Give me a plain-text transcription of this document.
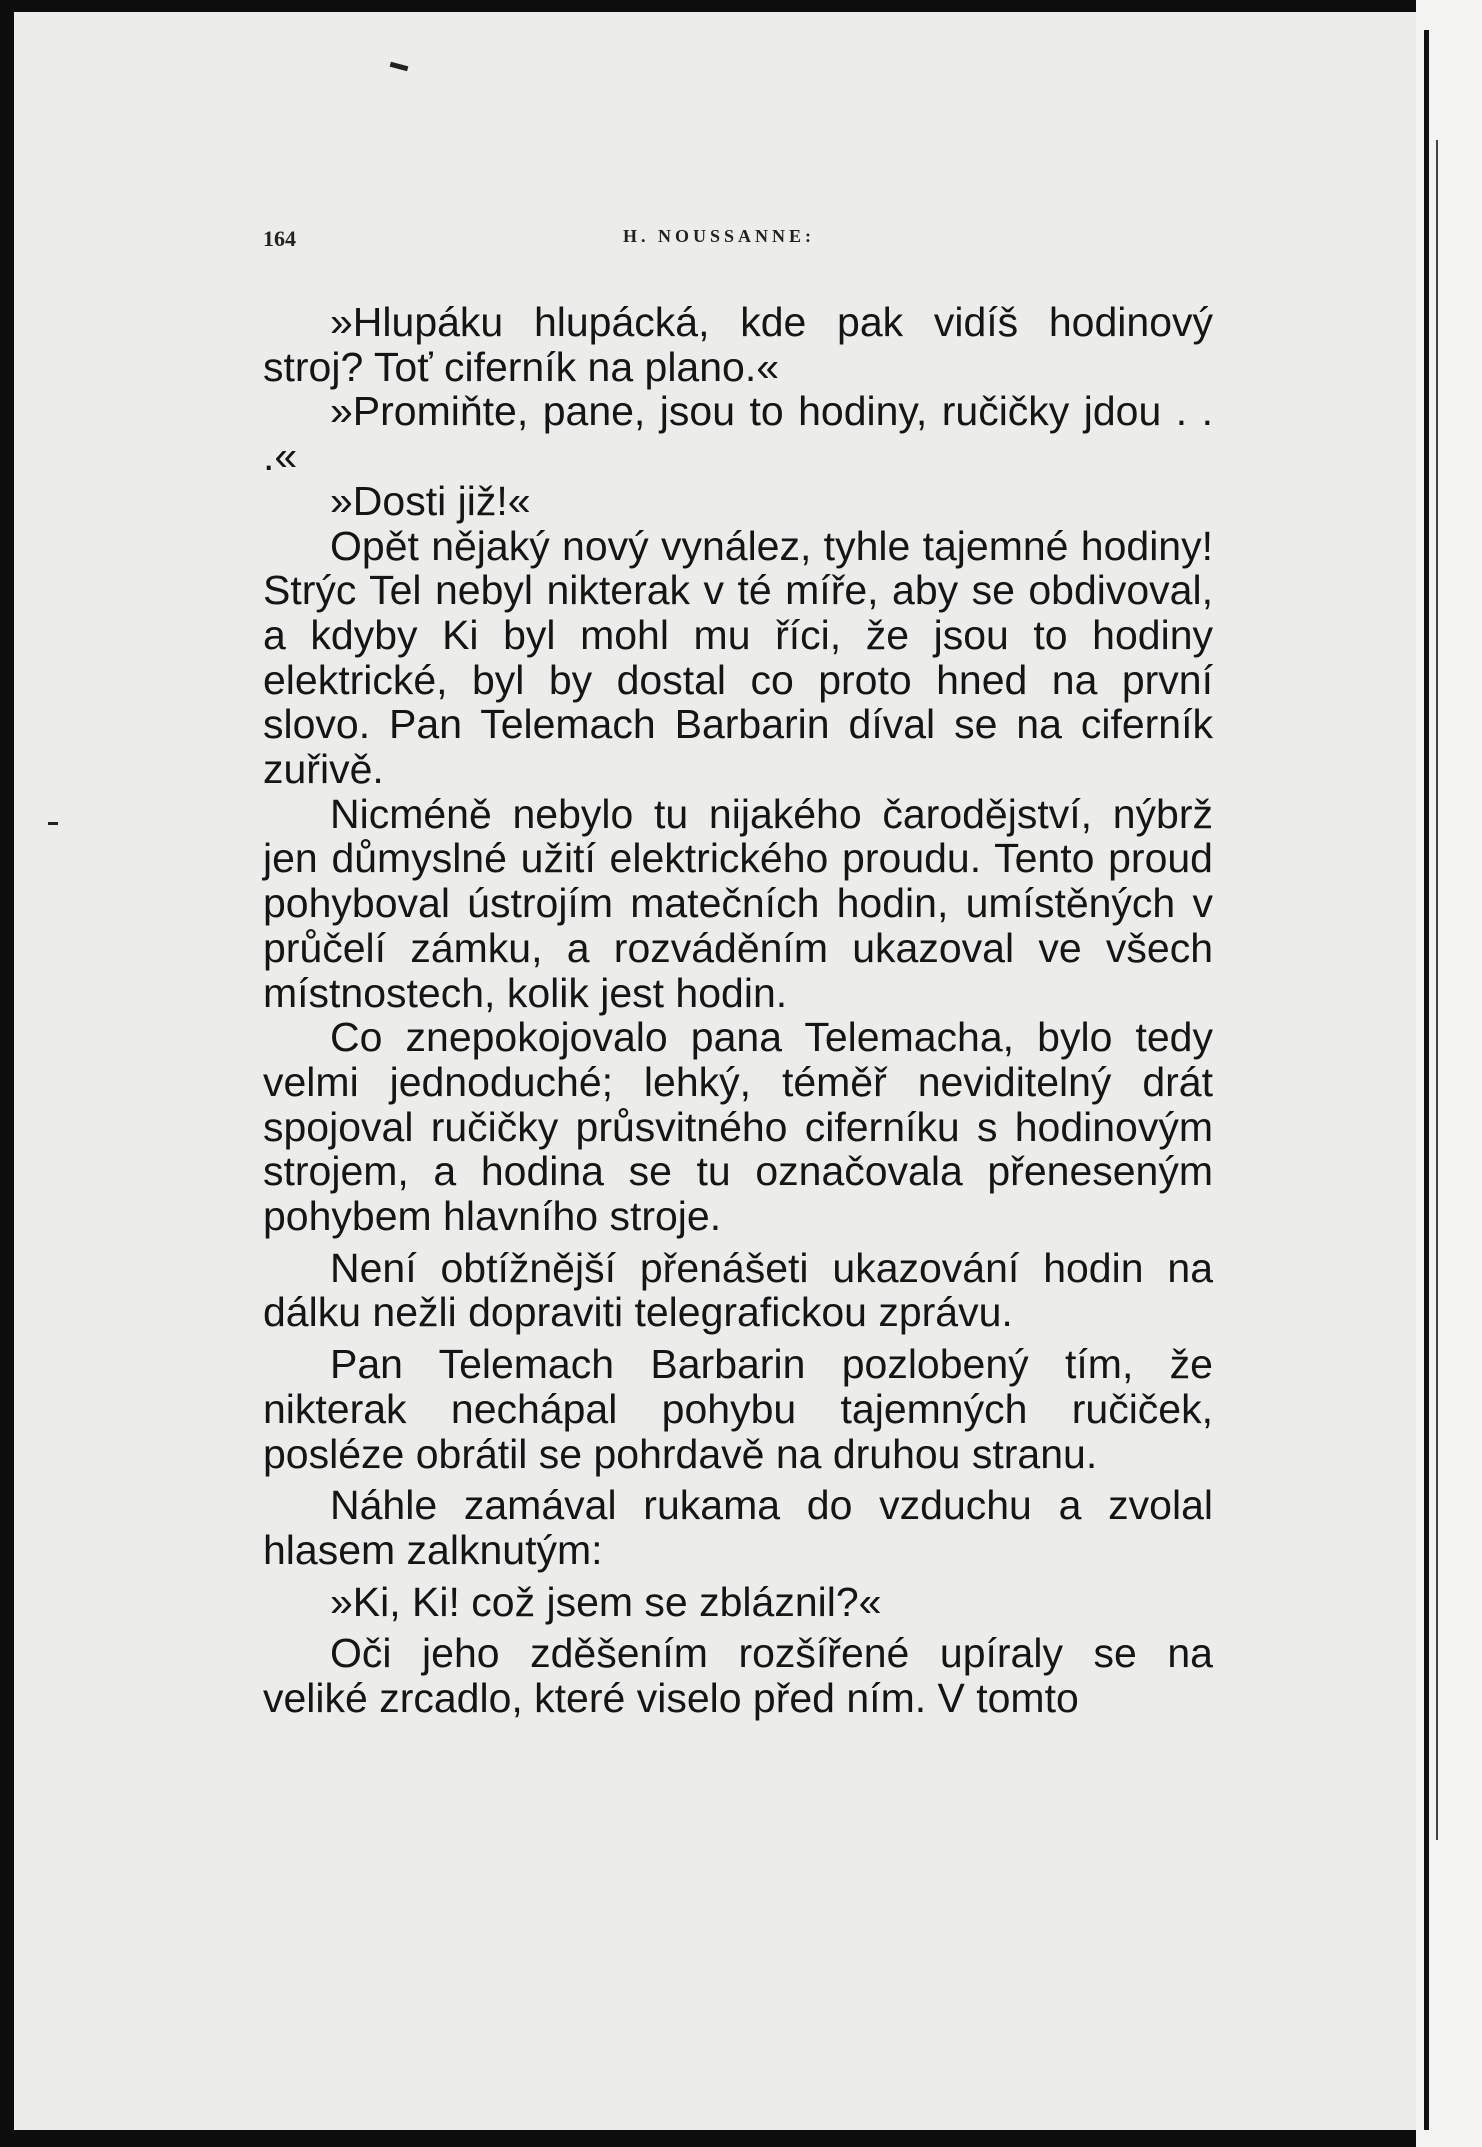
164	H. NOUSSANNE:

»Hlupáku hlupácká, kde pak vidíš hodinový stroj? Toť ciferník na plano.«

»Promiňte, pane, jsou to hodiny, ručičky jdou . . .«

»Dosti již!«

Opět nějaký nový vynález, tyhle tajemné hodiny! Strýc Tel nebyl nikterak v té míře, aby se obdivoval, a kdyby Ki byl mohl mu říci, že jsou to hodiny elektrické, byl by dostal co proto hned na první slovo. Pan Telemach Barbarin díval se na ciferník zuřivě.

Nicméně nebylo tu nijakého čarodějství, nýbrž jen důmyslné užití elektrického proudu. Tento proud pohyboval ústrojím matečních hodin, umístěných v průčelí zámku, a rozváděním ukazoval ve všech místnostech, kolik jest hodin.

Co znepokojovalo pana Telemacha, bylo tedy velmi jednoduché; lehký, téměř neviditelný drát spojoval ručičky průsvitného ciferníku s hodinovým strojem, a hodina se tu označovala přeneseným pohybem hlavního stroje.

Není obtížnější přenášeti ukazování hodin na dálku nežli dopraviti telegrafickou zprávu.

Pan Telemach Barbarin pozlobený tím, že nikterak nechápal pohybu tajemných ručiček, posléze obrátil se pohrdavě na druhou stranu.

Náhle zamával rukama do vzduchu a zvolal hlasem zalknutým:

»Ki, Ki! což jsem se zbláznil?«

Oči jeho zděšením rozšířené upíraly se na veliké zrcadlo, které viselo před ním. V tomto
